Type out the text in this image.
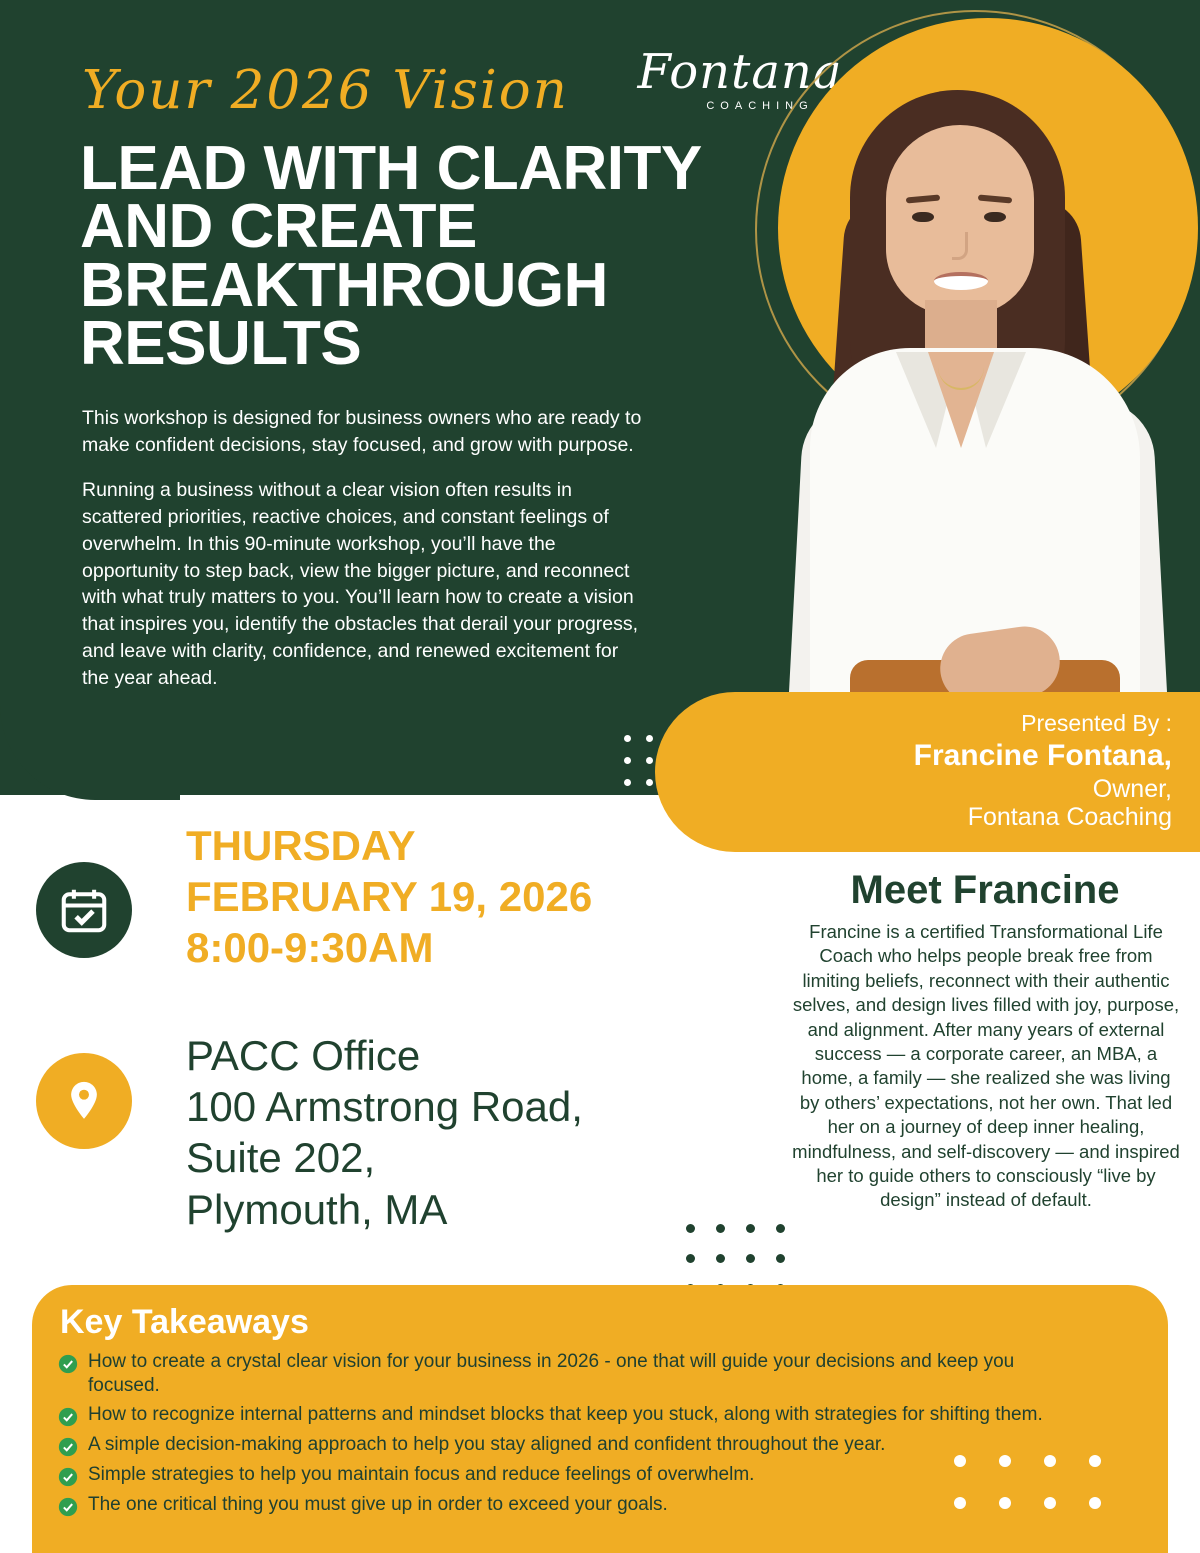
Your 2026 Vision	Fontana
COACHING
LEAD WITH CLARITY AND CREATE BREAKTHROUGH RESULTS

This workshop is designed for business owners who are ready to make confident decisions, stay focused, and grow with purpose.

Running a business without a clear vision often results in scattered priorities, reactive choices, and constant feelings of overwhelm. In this 90-minute workshop, you’ll have the opportunity to step back, view the bigger picture, and reconnect with what truly matters to you. You’ll learn how to create a vision that inspires you, identify the obstacles that derail your progress, and leave with clarity, confidence, and renewed excitement for the year ahead.

Presented By :
Francine Fontana,
Owner,
Fontana Coaching
THURSDAY
FEBRUARY 19, 2026
8:00-9:30AM
PACC Office
100 Armstrong Road,
Suite 202,
Plymouth, MA
Meet Francine
Francine is a certified Transformational Life Coach who helps people break free from limiting beliefs, reconnect with their authentic selves, and design lives filled with joy, purpose, and alignment. After many years of external success — a corporate career, an MBA, a home, a family — she realized she was living by others’ expectations, not her own. That led her on a journey of deep inner healing, mindfulness, and self-discovery — and inspired her to guide others to consciously “live by design” instead of default.
Key Takeaways
How to create a crystal clear vision for your business in 2026 - one that will guide your decisions and keep you focused.
How to recognize internal patterns and mindset blocks that keep you stuck, along with strategies for shifting them.
A simple decision-making approach to help you stay aligned and confident throughout the year.
Simple strategies to help you maintain focus and reduce feelings of overwhelm.
The one critical thing you must give up in order to exceed your goals.
